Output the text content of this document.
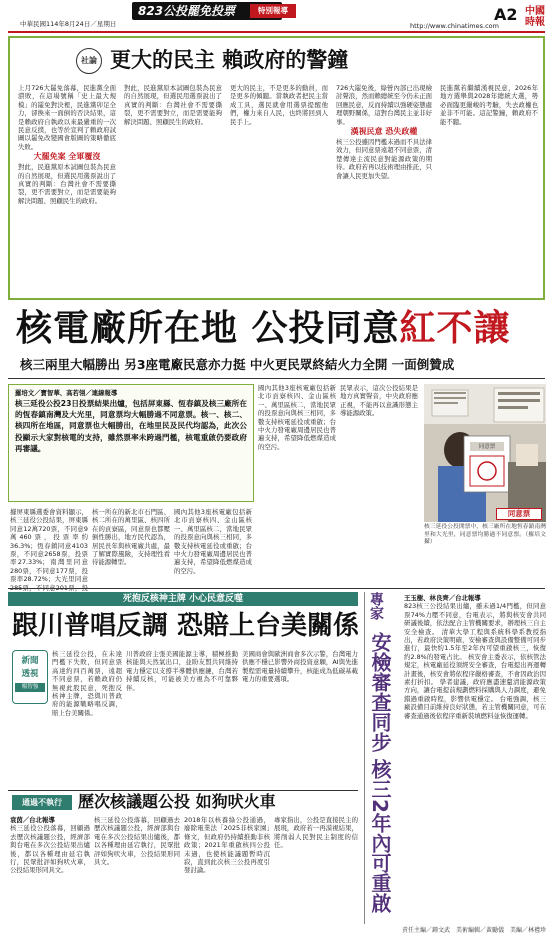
823公投罷免投票	特別報導
中華民國114年8月24日／星期日	A2 中國時報
http://www.chinatimes.com
社論 更大的民主 賴政府的警鐘
上月726大罷免落幕，民進黨全面潰敗，在這場號稱「史上最大規模」的罷免對決裡，民進黨卯足全力，卻換來一面倒的否決結果，這是賴政府自執政以來最嚴重的一次民意反撲，也等於宣判了賴政府試圖以罷免改變國會版圖的策略徹底失敗。
大罷免案 全軍覆沒
對此，民進黨原本試圖包裝為民意的自然展現，但選民用選票說出了真實的判斷：台灣社會不需要撕裂，更不需要對立，而是需要能夠解決問題、照顧民生的政府。
對此，民進黨原本試圖包裝為民意的自然展現，但選民用選票說出了真實的判斷：台灣社會不需要撕裂，更不需要對立，而是需要能夠解決問題、照顧民生的政府。
更大的民主，不是更多的動員，而是更多的傾聽。當執政者把民主當成工具，選民就會用選票提醒他們，權力來自人民，也終將回到人民手上。
726大罷免後，綠營內部已出現檢討聲浪，然而賴總統至今仍未正面回應民意，反而持續以強硬姿態處理朝野關係，這對台灣民主並非好事。
漢視民意 恐失政權
核三公投雖因門檻未過而不具法律效力，但同意票遠超不同意票，清楚傳達主流民意對能源政策的期待。政府若再以技術理由推託，只會讓人民更加失望。
民進黨若繼續漢視民意，2026年地方選舉與2028年總統大選，勢必面臨更嚴峻的考驗，失去政權也並非不可能。這記警鐘，賴政府不能不聽。
核電廠所在地 公投同意紅不讓
核三兩里大幅勝出 另3座電廠民意亦力挺 中火更民眾終結火力全開 一面倒贊成
羅培文／寶智華、高若翎／連線報導
核三延役公投23日投票結果出爐，包括屏東縣、恆春鎮及核三廠所在的恆春鎮南灣及大光里，同意票均大幅勝過不同意票。核一、核二、核四所在地區，同意票也大幅勝出，在地里民及民代均認為，此次公投顯示大家對核電的支持，雖然票率未跨過門檻，核電重啟仍要政府再審議。
據屏東縣選委會資料顯示，核三延役公投結果，屏東縣同意12萬720票，不同意9萬460票，投票率約36.3%；恆春鎮同意4103票，不同意2658票，投票率27.33%；南灣里同意280票，不同意177票，投票率28.72%；大光里同意
核一所在的新北市石門區、核二所在的萬里區、核四所在的貢寮區，同意票也都壓倒性勝出，地方民代認為，居民長年與核電廠共處，最了解實際風險，支持理性看待能源轉型。
國內其他3座核電廠包括新北市貢寮核四、金山區核一、萬里區核二，當地民眾的投票意向與核三相同，多數支持核電延役或重啟；台中火力發電廠周邊居民也普遍支持，希望降低燃煤造成的空污。
國內其他3座核電廠包括新北市貢寮核四、金山區核一、萬里區核二，當地民眾的投票意向與核三相同，多數支持核電延役或重啟；台中火力發電廠周邊居民也普遍支持，希望降低燃煤造成的空污。
民眾表示，這次公投結果是地方真實聲音，中央政府應正視，不能再以意識形態主導能源政策。
同意票
同意票
核三延役公投開票中，核三廠所在地恆春鎮南灣里和大光里，同意票均勝過不同意票。（羅培文攝）
死抱反核神主牌 小心民意反噬
跟川普唱反調 恐賠上台美關係
新聞
透視
楊智強
核三延役公投，在未達門檻下失敗，但同意票高達約四百萬票，遠超不同意票，若賴政府仍無視此股民意，死抱反核神主牌，恐與川普政府的能源戰略唱反調，賠上台美關係。
川普政府主張美國能源主導，積極推動核能與天然氣出口，並盼友盟共同維持電力穩定以支撐半導體供應鏈，台灣若持續反核，可能被美方視為不可靠夥伴。
美國商會與歐洲商會多次示警，台灣電力供應不穩已影響外商投資意願，AI與先進製程需電量持續攀升，核能成為低碳基載電力的重要選項。
通過不執行	歷次核議題公投 如狗吠火車
袁茵／台北報導
核三延役公投落幕，回顧過去歷次核議題公投，經濟部與台電在多次公投結果出爐後，都以各種理由延宕執行，民眾批評如狗吠火車，公投結果形同具文。
核三延役公投落幕，回顧過去歷次核議題公投，經濟部與台電在多次公投結果出爐後，都以各種理由延宕執行，民眾批評如狗吠火車，公投結果形同具文。
2018年以核養綠公投通過，廢除電業法「2025非核家園」條文，但政府仍持續推動非核政策；2021年重啟核四公投未過，也使核能議題暫時沉寂，直到此次核三公投再度引發討論。
專家指出，公投是直接民主的展現，政府若一再漠視結果，將削弱人民對民主制度的信任。
專家
安檢審查同步 核三2年內可重啟
王玉樹、林良齊／台北報導
823核三公投結果出爐，雖未過1/4門檻，但同意票74%力壓不同意，台電表示，將與核安會共同研議後續，依法配合主管機關要求，辦理核三自主安全檢查。 清華大學工程與系統科學系教授指出，若政府決策明確，安檢審查與設備整備可同步進行，最快約1.5年至2年內可望重啟核三，恢復約2.8%的發電占比。 核安會主委表示，依核管法規定，核電廠延役須經安全審查，台電提出再運轉計畫後，核安會將依程序嚴格審查，不會因政治因素打折扣。 學者建議，政府應盡速釐清能源政策方向，讓台電提前規劃燃料採購與人力調度，避免錯過重啟時程，影響供電穩定。 台電強調，核三廠設備目前維持良好狀態，若主管機關同意，可在審查通過後依程序重新裝填燃料並恢復運轉。
責任主編／鍾文武　美術編輯／黃勵儀　美編／林禮珍
